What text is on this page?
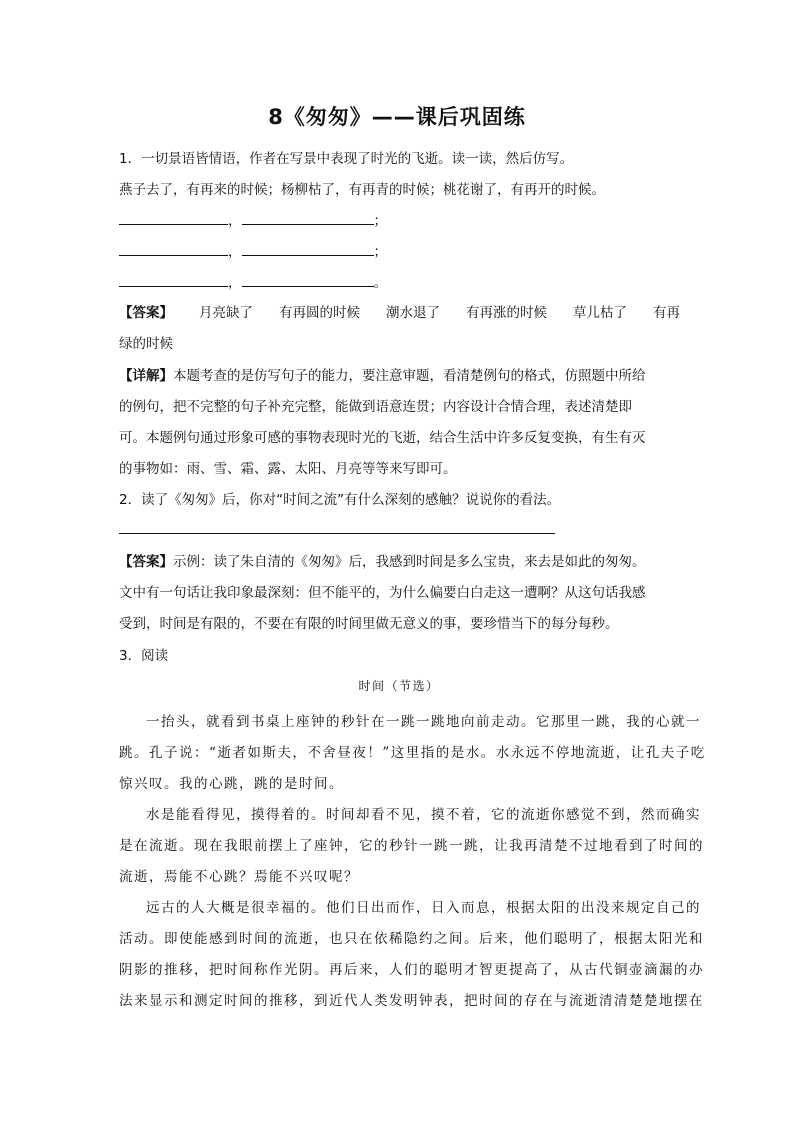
8《匆匆》——课后巩固练
1．一切景语皆情语，作者在写景中表现了时光的飞逝。读一读，然后仿写。
燕子去了，有再来的时候；杨柳枯了，有再青的时候；桃花谢了，有再开的时候。
，	；
，	；
，	。
【答案】 月亮缺了 有再圆的时候 潮水退了 有再涨的时候 草儿枯了 有再
绿的时候
【详解】本题考查的是仿写句子的能力，要注意审题，看清楚例句的格式，仿照题中所给
的例句，把不完整的句子补充完整，能做到语意连贯；内容设计合情合理，表述清楚即
可。本题例句通过形象可感的事物表现时光的飞逝，结合生活中许多反复变换，有生有灭
的事物如：雨、雪、霜、露、太阳、月亮等等来写即可。
2．读了《匆匆》后，你对“时间之流”有什么深刻的感触？说说你的看法。
【答案】示例：读了朱自清的《匆匆》后，我感到时间是多么宝贵，来去是如此的匆匆。
文中有一句话让我印象最深刻：但不能平的，为什么偏要白白走这一遭啊？从这句话我感
受到，时间是有限的，不要在有限的时间里做无意义的事，要珍惜当下的每分每秒。
3．阅读
时间（节选）
一抬头，就看到书桌上座钟的秒针在一跳一跳地向前走动。它那里一跳，我的心就一
跳。孔子说：“逝者如斯夫，不舍昼夜！”这里指的是水。水永远不停地流逝，让孔夫子吃
惊兴叹。我的心跳，跳的是时间。
水是能看得见，摸得着的。时间却看不见，摸不着，它的流逝你感觉不到，然而确实
是在流逝。现在我眼前摆上了座钟，它的秒针一跳一跳，让我再清楚不过地看到了时间的
流逝，焉能不心跳？焉能不兴叹呢？
远古的人大概是很幸福的。他们日出而作，日入而息，根据太阳的出没来规定自己的
活动。即使能感到时间的流逝，也只在依稀隐约之间。后来，他们聪明了，根据太阳光和
阴影的推移，把时间称作光阴。再后来，人们的聪明才智更提高了，从古代铜壶滴漏的办
法来显示和测定时间的推移，到近代人类发明钟表，把时间的存在与流逝清清楚楚地摆在
